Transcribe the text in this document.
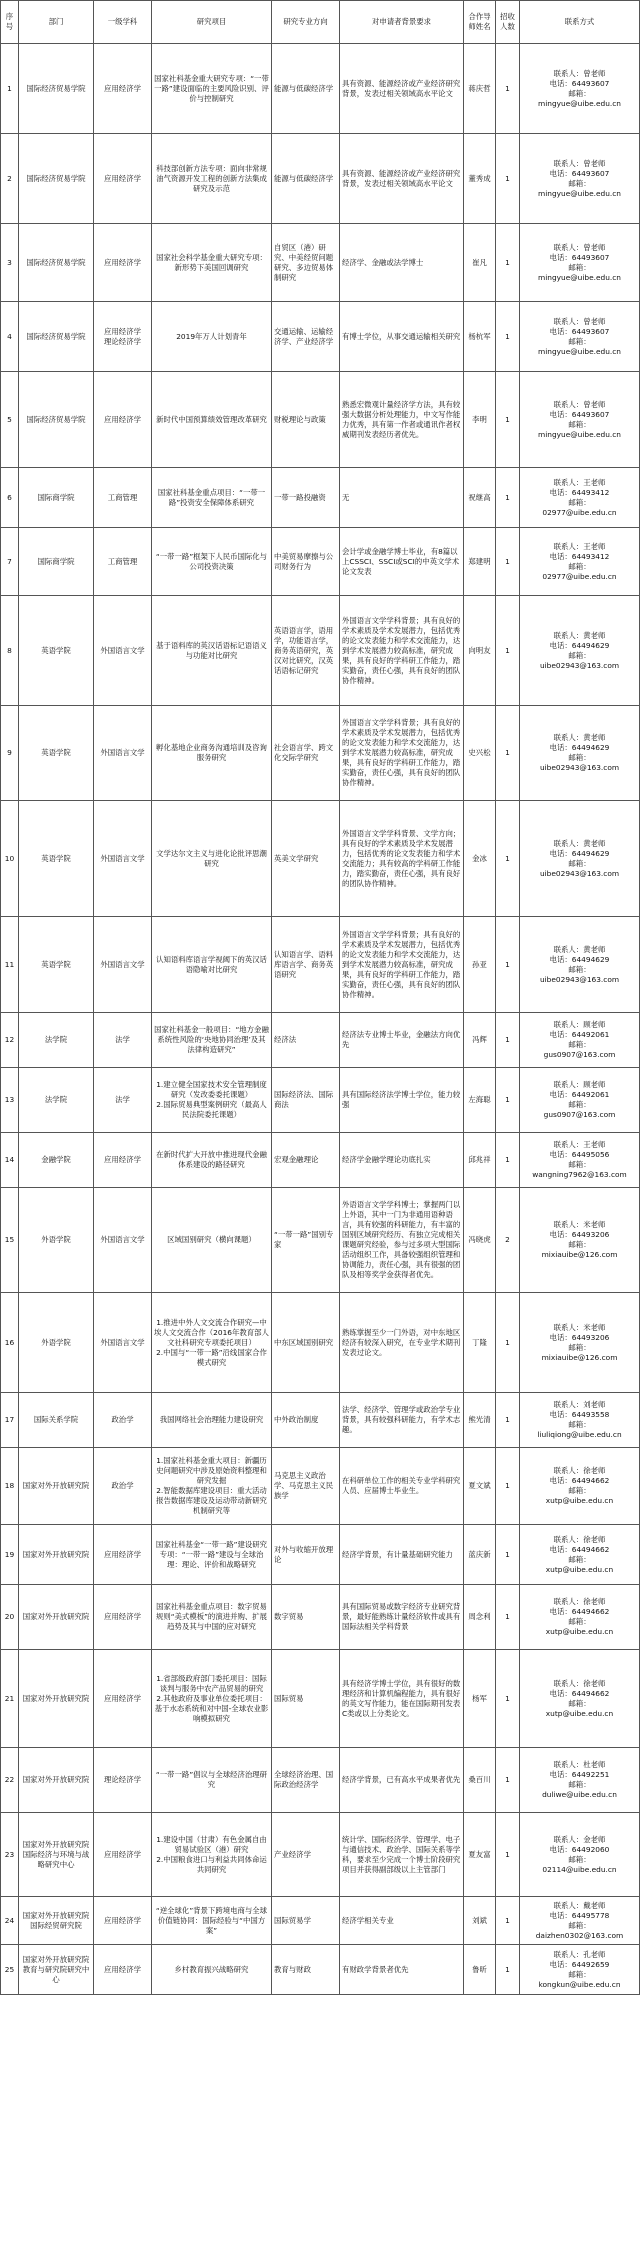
序号	部门	一级学科	研究项目	研究专业方向	对申请者背景要求	合作导师姓名	招收人数	联系方式
1	国际经济贸易学院	应用经济学	国家社科基金重大研究专项：“一带一路”建设面临的主要风险识别、评价与控制研究	能源与低碳经济学	具有资源、能源经济或产业经济研究背景，发表过相关领域高水平论文	蒋庆哲	1	联系人：曾老师
电话：64493607
邮箱：
mingyue@uibe.edu.cn
2	国际经济贸易学院	应用经济学	科技部创新方法专项：面向非常规油气资源开发工程的创新方法集成研究及示范	能源与低碳经济学	具有资源、能源经济或产业经济研究背景，发表过相关领域高水平论文	董秀成	1	联系人：曾老师
电话：64493607
邮箱：
mingyue@uibe.edu.cn
3	国际经济贸易学院	应用经济学	国家社会科学基金重大研究专项：新形势下美国回调研究	自贸区（港）研究、中美经贸问题研究、多边贸易体制研究	经济学、金融或法学博士	崔凡	1	联系人：曾老师
电话：64493607
邮箱：
mingyue@uibe.edu.cn
4	国际经济贸易学院	应用经济学
理论经济学	2019年万人计划青年	交通运输、运输经济学、产业经济学	有博士学位，从事交通运输相关研究	杨杭军	1	联系人：曾老师
电话：64493607
邮箱：
mingyue@uibe.edu.cn
5	国际经济贸易学院	应用经济学	新时代中国预算绩效管理改革研究	财税理论与政策	熟悉宏微观计量经济学方法，具有较强大数据分析处理能力，中文写作能力优秀，具有第一作者或通讯作者权威期刊发表经历者优先。	李明	1	联系人：曾老师
电话：64493607
邮箱：
mingyue@uibe.edu.cn
6	国际商学院	工商管理	国家社科基金重点项目：“一带一路”投资安全保障体系研究	一带一路投融资	无	祝继高	1	联系人：王老师
电话：64493412
邮箱：
02977@uibe.edu.cn
7	国际商学院	工商管理	“一带一路”框架下人民币国际化与公司投资决策	中美贸易摩擦与公司财务行为	会计学或金融学博士毕业，有8篇以上CSSCI、SSCI或SCI的中英文学术论文发表	郑建明	1	联系人：王老师
电话：64493412
邮箱：
02977@uibe.edu.cn
8	英语学院	外国语言文学	基于语料库的英汉话语标记语语义与功能对比研究	英语语言学，语用学，功能语言学，商务英语研究，英汉对比研究，汉英话语标记研究	外国语言文学学科背景；具有良好的学术素质及学术发展潜力，包括优秀的论文发表能力和学术交流能力，达到学术发展潜力较高标准，研究成果，具有良好的学科研工作能力，踏实勤奋，责任心强，具有良好的团队协作精神。	向明友	1	联系人：黄老师
电话：64494629
邮箱：
uibe02943@163.com
9	英语学院	外国语言文学	孵化基地企业商务沟通培训及咨询服务研究	社会语言学、跨文化交际学研究	外国语言文学学科背景；具有良好的学术素质及学术发展潜力，包括优秀的论文发表能力和学术交流能力，达到学术发展潜力较高标准，研究成果，具有良好的学科研工作能力，踏实勤奋，责任心强，具有良好的团队协作精神。	史兴松	1	联系人：黄老师
电话：64494629
邮箱：
uibe02943@163.com
10	英语学院	外国语言文学	文学达尔文主义与进化论批评思潮研究	英美文学研究	外国语言文学学科背景、文学方向；具有良好的学术素质及学术发展潜力，包括优秀的论文发表能力和学术交流能力；具有较高的学科研工作能力，踏实勤奋，责任心强，具有良好的团队协作精神。	金冰	1	联系人：黄老师
电话：64494629
邮箱：
uibe02943@163.com
11	英语学院	外国语言文学	认知语料库语言学视阈下的英汉话语隐喻对比研究	认知语言学、语料库语言学、商务英语研究	外国语言文学学科背景；具有良好的学术素质及学术发展潜力，包括优秀的论文发表能力和学术交流能力，达到学术发展潜力较高标准，研究成果，具有良好的学科研工作能力，踏实勤奋，责任心强，具有良好的团队协作精神。	孙亚	1	联系人：黄老师
电话：64494629
邮箱：
uibe02943@163.com
12	法学院	法学	国家社科基金一般项目：“地方金融系统性风险的‘央地协同治理’及其法律构造研究”	经济法	经济法专业博士毕业，金融法方向优先	冯辉	1	联系人：顾老师
电话：64492061
邮箱：
gus0907@163.com
13	法学院	法学	1.建立健全国家技术安全管理制度研究（发改委委托课题）
2.国际贸易典型案例研究（最高人民法院委托课题）	国际经济法、国际商法	具有国际经济法学博士学位，能力较强	左海聪	1	联系人：顾老师
电话：64492061
邮箱：
gus0907@163.com
14	金融学院	应用经济学	在新时代扩大开放中推进现代金融体系建设的路径研究	宏观金融理论	经济学金融学理论功底扎实	邱兆祥	1	联系人：王老师
电话：64495056
邮箱：
wangning7962@163.com
15	外语学院	外国语言文学	区域国别研究（横向课题）	“一带一路”国别专家	外语语言文学学科博士；掌握两门以上外语，其中一门为非通用语种语言，具有较强的科研能力，有丰富的国别区域研究经历、有独立完成相关课题研究经验，参与过多项大型国际活动组织工作，具备较强组织管理和协调能力，责任心强，具有很强的团队及相等奖学金获得者优先。	冯晓虎	2	联系人：米老师
电话：64493206
邮箱：
mixiauibe@126.com
16	外语学院	外国语言文学	1.推进中外人文交流合作研究—中埃人文交流合作（2016年教育部人文社科研究专项委托项目）
2.中国与“一带一路”沿线国家合作模式研究	中东区域国别研究	熟练掌握至少一门外语，对中东地区经济有较深入研究，在专业学术期刊发表过论文。	丁隆	1	联系人：米老师
电话：64493206
邮箱：
mixiauibe@126.com
17	国际关系学院	政治学	我国网络社会治理能力建设研究	中外政治制度	法学、经济学、管理学或政治学专业背景，具有较强科研能力，有学术志趣。	熊光清	1	联系人：刘老师
电话：64493558
邮箱：
liuliqiong@uibe.edu.cn
18	国家对外开放研究院	政治学	1.国家社科基金重大项目：新疆历史问题研究中涉及原始资料整理和研究发掘
2.智能数据库建设项目：重大活动报告数据库建设及运动带动新研究机制研究等	马克思主义政治学、马克思主义民族学	在科研单位工作的相关专业学科研究人员、应届博士毕业生。	夏文斌	1	联系人：徐老师
电话：64494662
邮箱：
xutp@uibe.edu.cn
19	国家对外开放研究院	应用经济学	国家社科基金“一带一路”建设研究专项：“一带一路”建设与全球治理：理论、评价和战略研究	对外与收缩开放理论	经济学背景，有计量基础研究能力	蓝庆新	1	联系人：徐老师
电话：64494662
邮箱：
xutp@uibe.edu.cn
20	国家对外开放研究院	应用经济学	国家社科基金重点项目：数字贸易规则“美式模板”的演进并购、扩展趋势及其与中国的应对研究	数字贸易	具有国际贸易或数字经济专业研究背景，最好能熟练计量经济软件或具有国际法相关学科背景	周念利	1	联系人：徐老师
电话：64494662
邮箱：
xutp@uibe.edu.cn
21	国家对外开放研究院	应用经济学	1.省部级政府部门委托项目：国际谈判与服务中农产品贸易的研究
2.其他政府及事业单位委托项目：基于水态系统和对中国-全球农业影响模拟研究	国际贸易	具有经济学博士学位，具有很好的数理经济和计算机编程能力，具有很好的英文写作能力，能在国际期刊发表C类或以上分类论文。	杨军	1	联系人：徐老师
电话：64494662
邮箱：
xutp@uibe.edu.cn
22	国家对外开放研究院	理论经济学	“一带一路”倡议与全球经济治理研究	全球经济治理、国际政治经济学	经济学背景，已有高水平成果者优先	桑百川	1	联系人：杜老师
电话：64492251
邮箱：
duliwe@uibe.edu.cn
23	国家对外开放研究院国际经济与环境与战略研究中心	应用经济学	1.建设中国（甘肃）有色金属自由贸易试验区（港）研究
2.中国粮食进口与利益共同体命运共同研究	产业经济学	统计学、国际经济学、管理学、电子与通信技术、政治学、国际关系等学科，要求至少完成一个博士阶段研究项目并获得副部级以上主管部门	夏友富	1	联系人：金老师
电话：64492060
邮箱：
02114@uibe.edu.cn
24	国家对外开放研究院国际经贸研究院	应用经济学	“逆全球化”背景下跨境电商与全球价值链协同：国际经验与“中国方案”	国际贸易学	经济学相关专业	刘斌	1	联系人：戴老师
电话：64495778
邮箱：
daizhen0302@163.com
25	国家对外开放研究院教育与研究院研究中心	应用经济学	乡村教育振兴战略研究	教育与财政	有财政学背景者优先	鲁昕	1	联系人：孔老师
电话：64492659
邮箱：
kongkun@uibe.edu.cn
